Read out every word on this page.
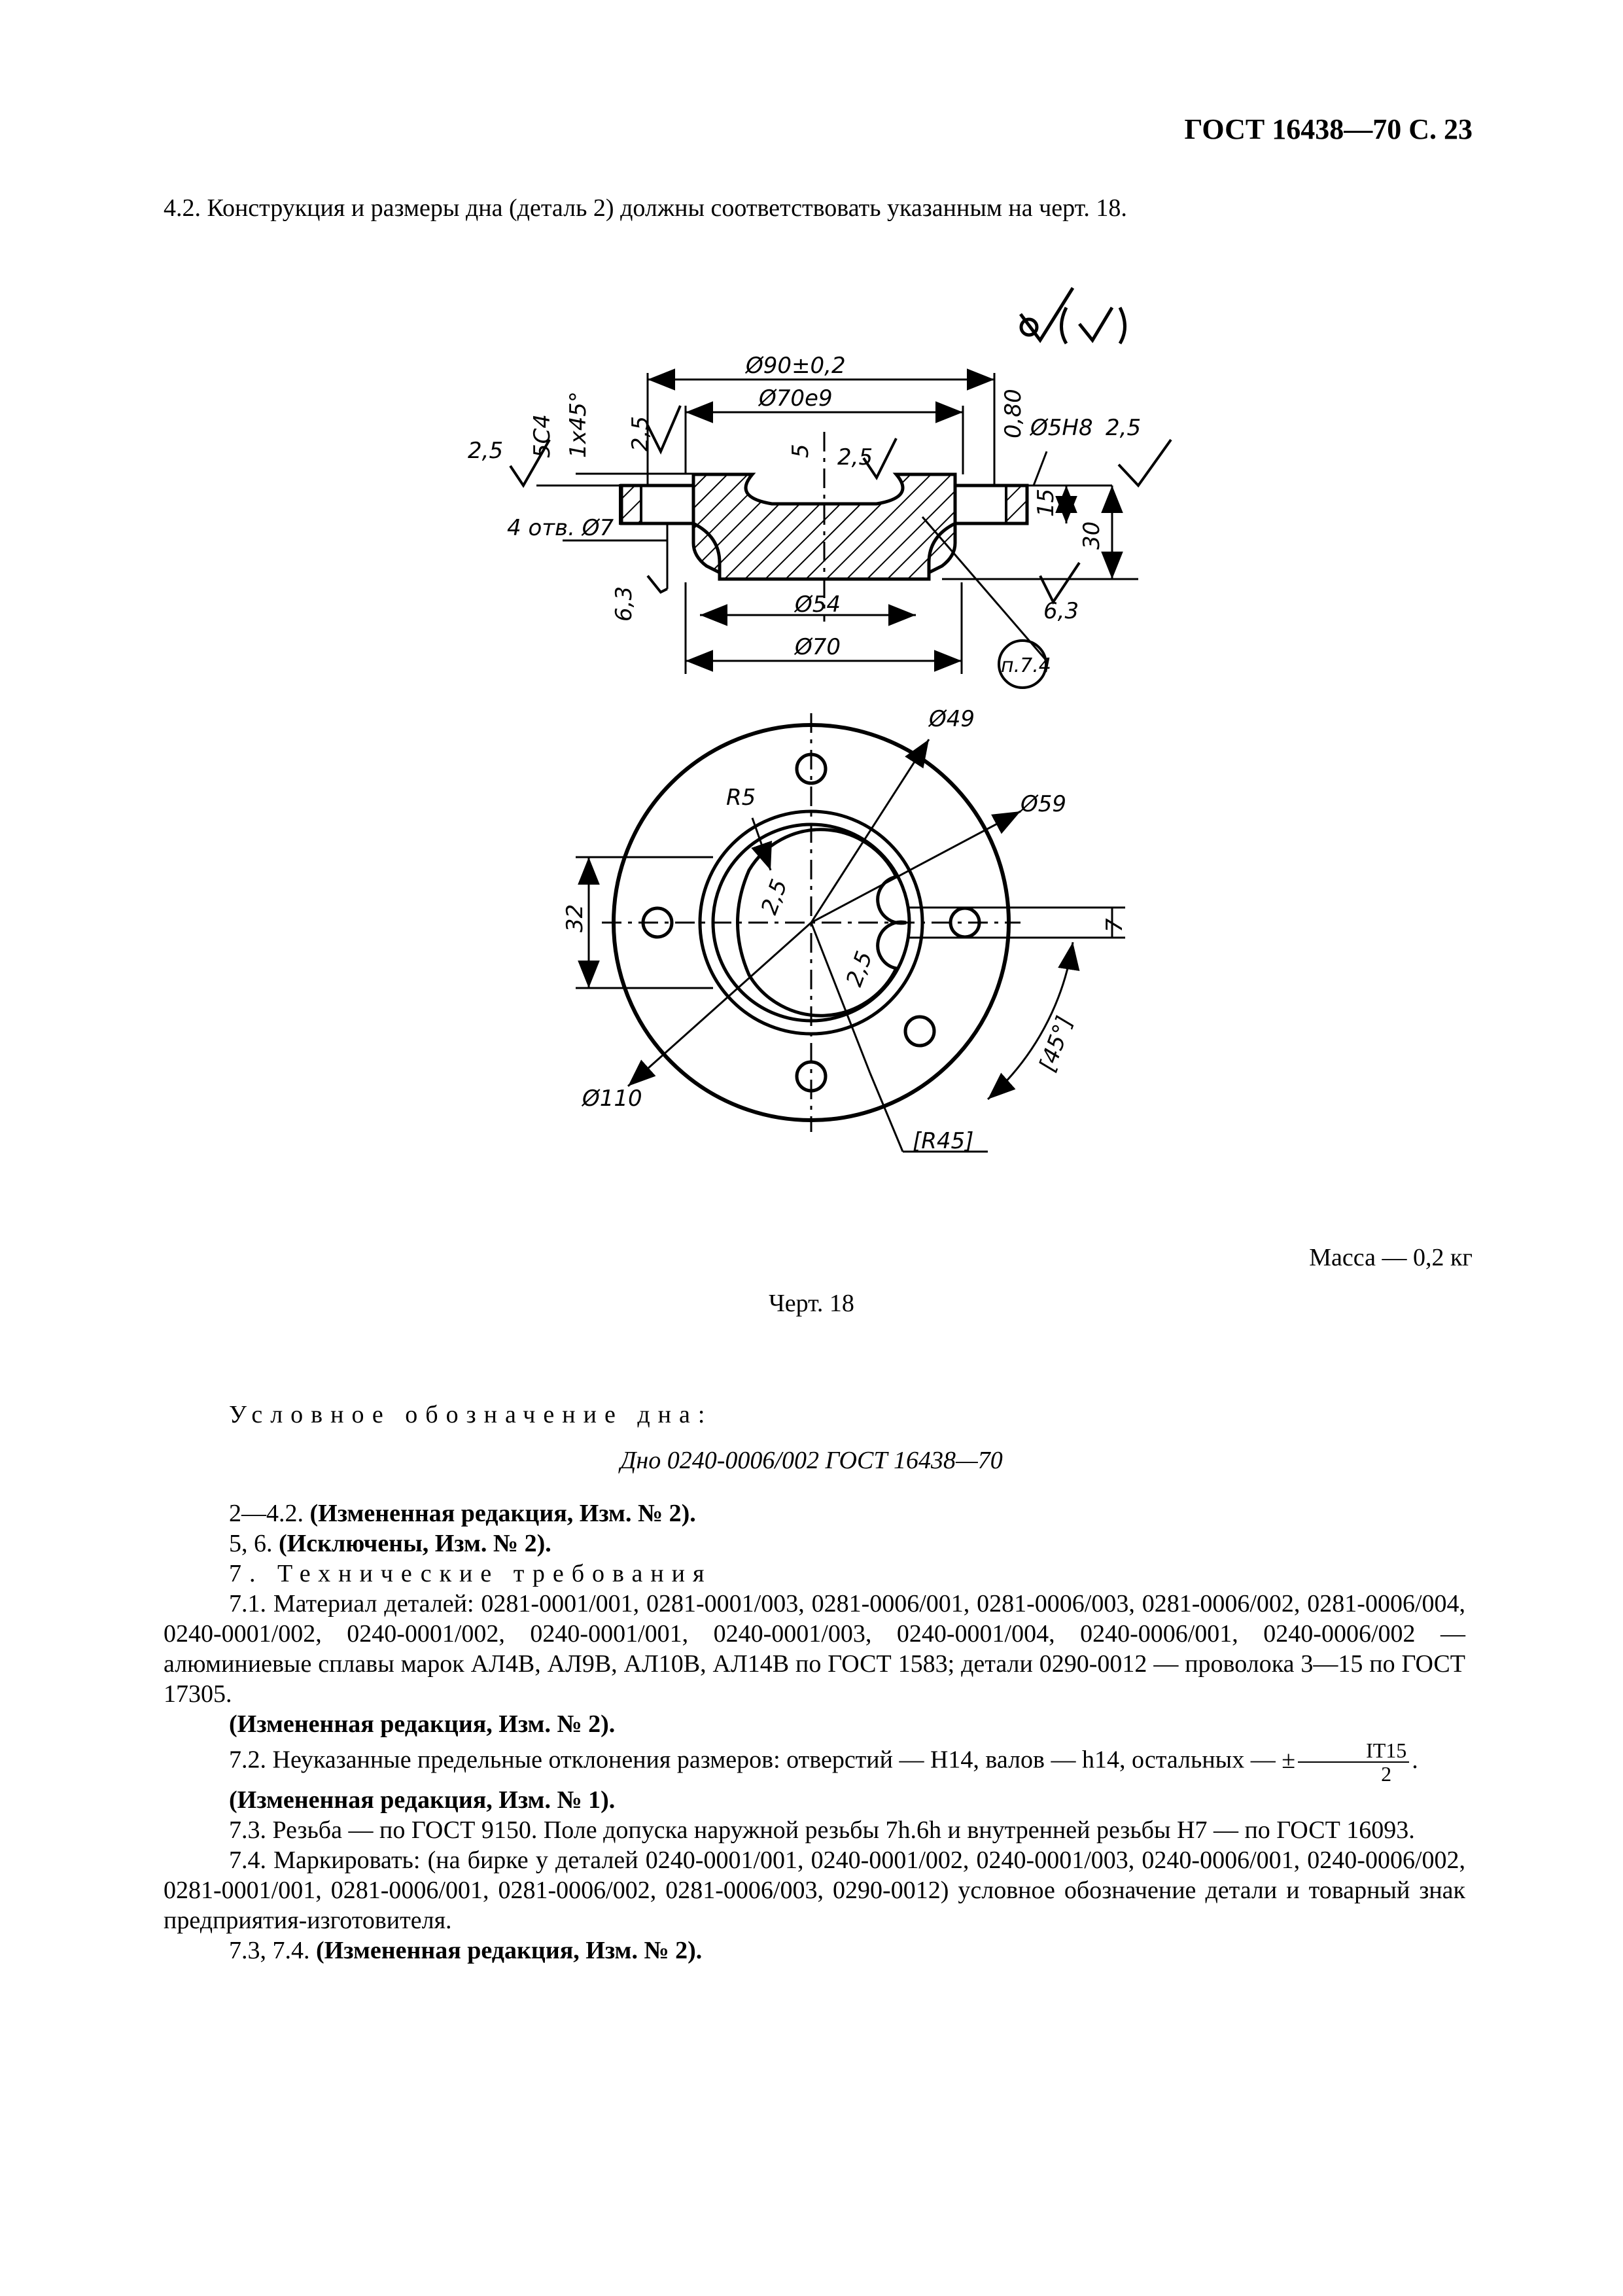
ГОСТ 16438—70 С. 23
4.2. Конструкция и размеры дна (деталь 2) должны соответствовать указанным на черт. 18.
Ø90±0,2
Ø70e9
2,5 5С4 1x45° 2,5	5 2,5
0,80 Ø5H8 2,5
15
30
4 отв. Ø7
6,3	Ø54
Ø70
6,3
п.7.4
Ø49
R5	Ø59
2,5
2,5
32	7
[45°]
Ø110
[R45]
Масса — 0,2 кг
Черт. 18
Условное обозначение дна:
Дно 0240-0006/002 ГОСТ 16438—70

2—4.2. (Измененная редакция, Изм. № 2).

5, 6. (Исключены, Изм. № 2).

7. Технические требования

7.1. Материал деталей: 0281-0001/001, 0281-0001/003, 0281-0006/001, 0281-0006/003, 0281-0006/002, 0281-0006/004, 0240-0001/002, 0240-0001/002, 0240-0001/001, 0240-0001/003, 0240-0001/004, 0240-0006/001, 0240-0006/002 — алюминиевые сплавы марок АЛ4В, АЛ9В, АЛ10В, АЛ14В по ГОСТ 1583; детали 0290-0012 — проволока 3—15 по ГОСТ 17305.

(Измененная редакция, Изм. № 2).

7.2. Неуказанные предельные отклонения размеров: отверстий — Н14, валов — h14, остальных — ± $\frac{IT15}{2}$ .

(Измененная редакция, Изм. № 1).

7.3. Резьба — по ГОСТ 9150. Поле допуска наружной резьбы 7h.6h и внутренней резьбы Н7 — по ГОСТ 16093.

7.4. Маркировать: (на бирке у деталей 0240-0001/001, 0240-0001/002, 0240-0001/003, 0240-0006/001, 0240-0006/002, 0281-0001/001, 0281-0006/001, 0281-0006/002, 0281-0006/003, 0290-0012) условное обозначение детали и товарный знак предприятия-изготовителя.

7.3, 7.4. (Измененная редакция, Изм. № 2).
